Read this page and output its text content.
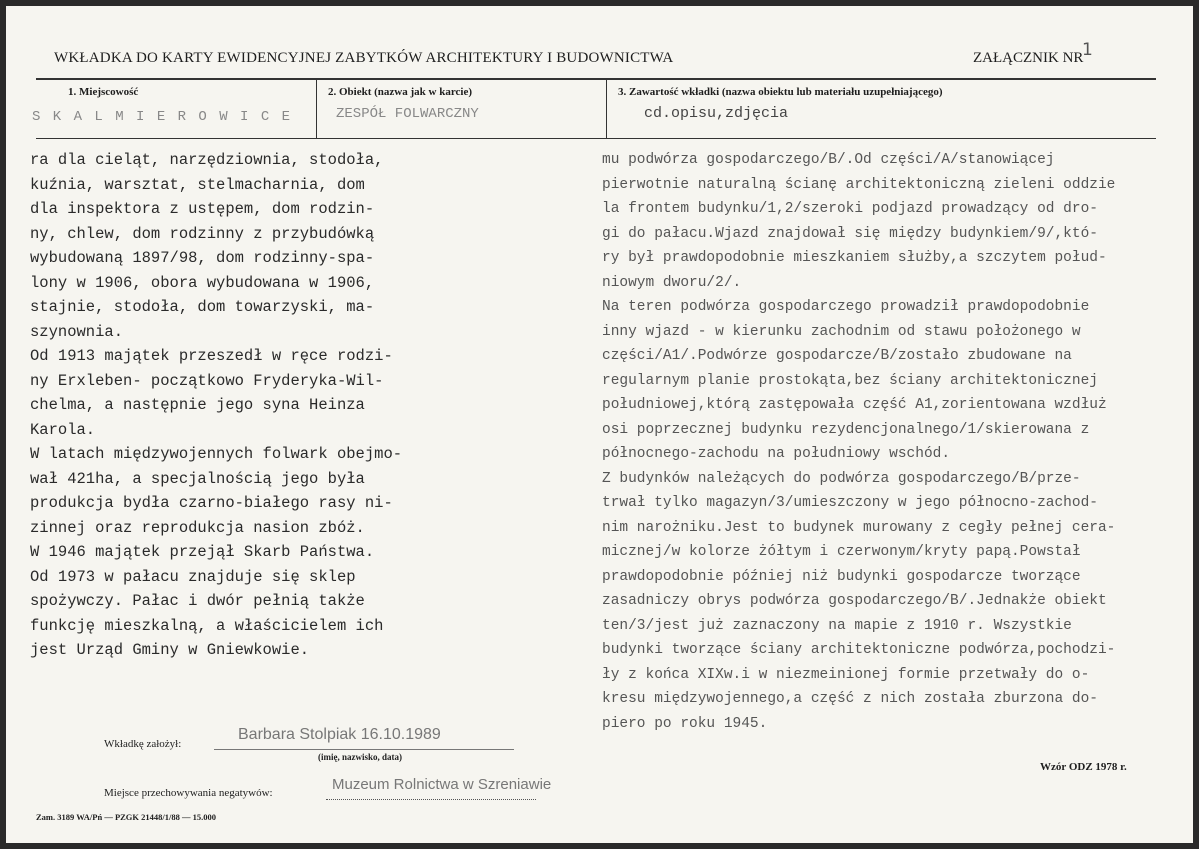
WKŁADKA DO KARTY EWIDENCYJNEJ ZABYTKÓW ARCHITEKTURY I BUDOWNICTWA	ZAŁĄCZNIK NR
1
1. Miejscowość
S K A L M I E R O W I C E
2. Obiekt (nazwa jak w karcie)
ZESPÓŁ FOLWARCZNY
3. Zawartość wkładki (nazwa obiektu lub materiału uzupełniającego)
cd.opisu,zdjęcia
ra dla cieląt, narzędziownia, stodoła,
kuźnia, warsztat, stelmacharnia, dom
dla inspektora z ustępem, dom rodzin-
ny, chlew, dom rodzinny z przybudówką
wybudowaną 1897/98, dom rodzinny-spa-
lony w 1906, obora wybudowana w 1906,
stajnie, stodoła, dom towarzyski, ma-
szynownia.
Od 1913 majątek przeszedł w ręce rodzi-
ny Erxleben- początkowo Fryderyka-Wil-
chelma, a następnie jego syna Heinza
Karola.
W latach międzywojennych folwark obejmo-
wał 421ha, a specjalnością jego była
produkcja bydła czarno-białego rasy ni-
zinnej oraz reprodukcja nasion zbóż.
W 1946 majątek przejął Skarb Państwa.
Od 1973 w pałacu znajduje się sklep
spożywczy. Pałac i dwór pełnią także
funkcję mieszkalną, a właścicielem ich
jest Urząd Gminy w Gniewkowie.
mu podwórza gospodarczego/B/.Od części/A/stanowiącej
pierwotnie naturalną ścianę architektoniczną zieleni oddzie
la frontem budynku/1,2/szeroki podjazd prowadzący od dro-
gi do pałacu.Wjazd znajdował się między budynkiem/9/,któ-
ry był prawdopodobnie mieszkaniem służby,a szczytem połud-
niowym dworu/2/.
Na teren podwórza gospodarczego prowadził prawdopodobnie
inny wjazd - w kierunku zachodnim od stawu położonego w
części/A1/.Podwórze gospodarcze/B/zostało zbudowane na
regularnym planie prostokąta,bez ściany architektonicznej
południowej,którą zastępowała część A1,zorientowana wzdłuż
osi poprzecznej budynku rezydencjonalnego/1/skierowana z
północnego-zachodu na południowy wschód.
Z budynków należących do podwórza gospodarczego/B/prze-
trwał tylko magazyn/3/umieszczony w jego północno-zachod-
nim narożniku.Jest to budynek murowany z cegły pełnej cera-
micznej/w kolorze żółtym i czerwonym/kryty papą.Powstał
prawdopodobnie później niż budynki gospodarcze tworzące
zasadniczy obrys podwórza gospodarczego/B/.Jednakże obiekt
ten/3/jest już zaznaczony na mapie z 1910 r. Wszystkie
budynki tworzące ściany architektoniczne podwórza,pochodzi-
ły z końca XIXw.i w niezmeinionej formie przetwały do o-
kresu międzywojennego,a część z nich została zburzona do-
piero po roku 1945.
Wkładkę założył:
Barbara Stolpiak 16.10.1989
(imię, nazwisko, data)
Wzór ODZ 1978 r.
Miejsce przechowywania negatywów:	Muzeum Rolnictwa w Szreniawie
Zam. 3189 WA/Pń — PZGK 21448/1/88 — 15.000
